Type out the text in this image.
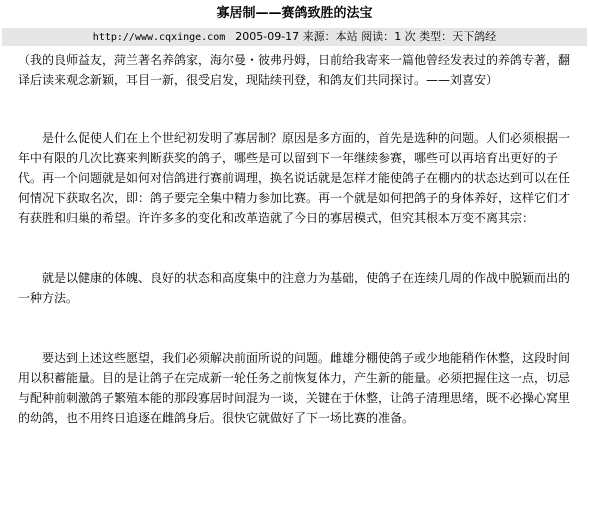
寡居制——赛鸽致胜的法宝
http://www.cqxinge.com 2005-09-17 来源：本站 阅读：1 次 类型：天下鸽经

（我的良师益友，菏兰著名养鸽家，海尔曼・彼弗丹姆，日前给我寄来一篇他曾经发表过的养鸽专著，翻译后读来观念新颖，耳目一新，很受启发，现陆续刊登，和鸽友们共同探讨。——刘喜安）

是什么促使人们在上个世纪初发明了寡居制？原因是多方面的，首先是选种的问题。人们必须根据一年中有限的几次比赛来判断获奖的鸽子，哪些是可以留到下一年继续参赛，哪些可以再培育出更好的子代。再一个问题就是如何对信鸽进行赛前调理，换名说话就是怎样才能使鸽子在棚内的状态达到可以在任何情况下获取名次，即：鸽子要完全集中精力参加比赛。再一个就是如何把鸽子的身体养好，这样它们才有获胜和归巢的希望。许许多多的变化和改革造就了今日的寡居模式，但究其根本万变不离其宗：

就是以健康的体魄、良好的状态和高度集中的注意力为基础，使鸽子在连续几周的作战中脱颖而出的一种方法。

要达到上述这些愿望，我们必须解决前面所说的问题。雌雄分棚使鸽子或少地能稍作休整，这段时间用以积蓄能量。目的是让鸽子在完成新一轮任务之前恢复体力，产生新的能量。必须把握住这一点，切忌与配种前刺激鸽子繁殖本能的那段寡居时间混为一谈，关键在于休整，让鸽子清理思绪，既不必操心窝里的幼鸽，也不用终日追逐在雌鸽身后。很快它就做好了下一场比赛的准备。
